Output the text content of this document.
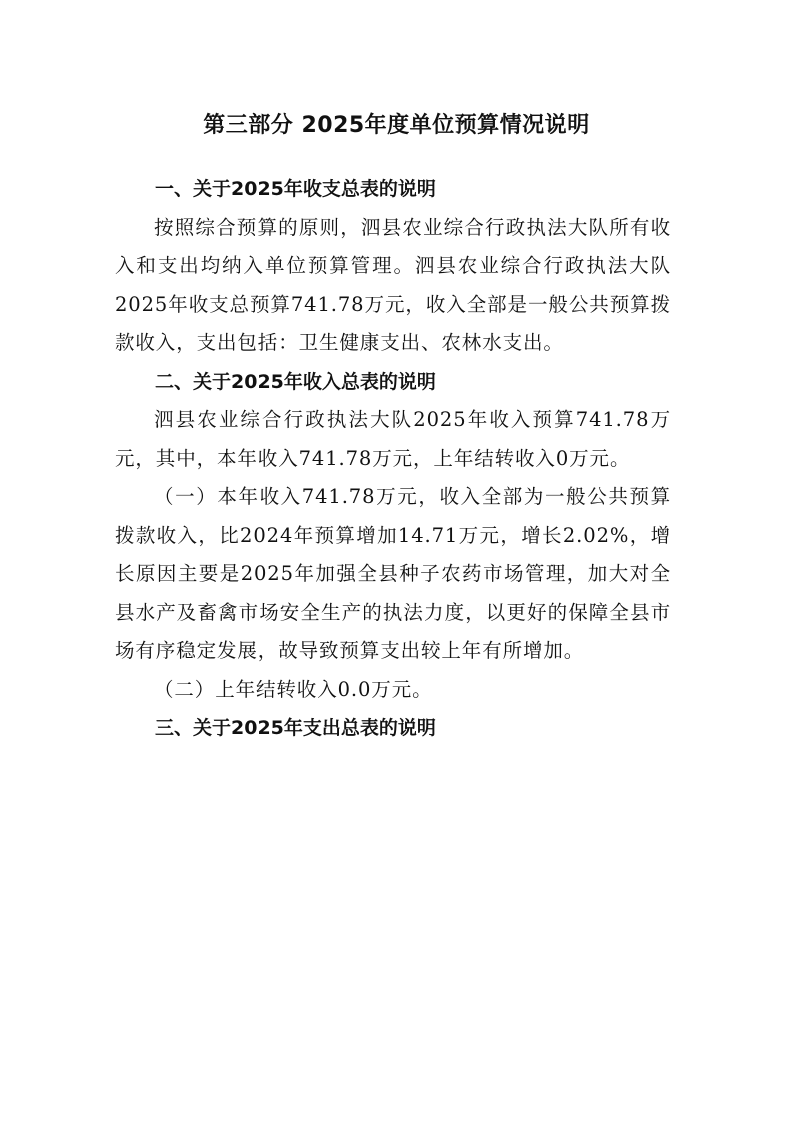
第三部分 2025年度单位预算情况说明

一、关于2025年收支总表的说明

按照综合预算的原则，泗县农业综合行政执法大队所有收入和支出均纳入单位预算管理。泗县农业综合行政执法大队2025年收支总预算741.78万元，收入全部是一般公共预算拨款收入，支出包括：卫生健康支出、农林水支出。

二、关于2025年收入总表的说明

泗县农业综合行政执法大队2025年收入预算741.78万元，其中，本年收入741.78万元，上年结转收入0万元。

（一）本年收入741.78万元，收入全部为一般公共预算拨款收入，比2024年预算增加14.71万元，增长2.02%，增长原因主要是2025年加强全县种子农药市场管理，加大对全县水产及畜禽市场安全生产的执法力度，以更好的保障全县市场有序稳定发展，故导致预算支出较上年有所增加。

（二）上年结转收入0.0万元。

三、关于2025年支出总表的说明
